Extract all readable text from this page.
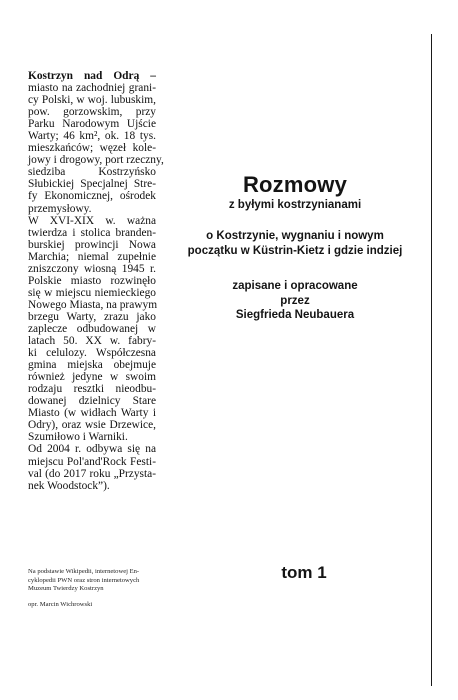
Kostrzyn nad Odrą –
miasto na zachodniej grani-
cy Polski, w woj. lubuskim,
pow. gorzowskim, przy
Parku Narodowym Ujście
Warty; 46 km², ok. 18 tys.
mieszkańców; węzeł kole-
jowy i drogowy, port rzeczny,
siedziba Kostrzyńsko
Słubickiej Specjalnej Stre-
fy Ekonomicznej, ośrodek
przemysłowy.
W XVI-XIX w. ważna
twierdza i stolica branden-
burskiej prowincji Nowa
Marchia; niemal zupełnie
zniszczony wiosną 1945 r.
Polskie miasto rozwinęło
się w miejscu niemieckiego
Nowego Miasta, na prawym
brzegu Warty, zrazu jako
zaplecze odbudowanej w
latach 50. XX w. fabry-
ki celulozy. Współczesna
gmina miejska obejmuje
również jedyne w swoim
rodzaju resztki nieodbu-
dowanej dzielnicy Stare
Miasto (w widłach Warty i
Odry), oraz wsie Drzewice,
Szumiłowo i Warniki.
Od 2004 r. odbywa się na
miejscu Pol'and'Rock Festi-
val (do 2017 roku „Przysta-
nek Woodstock”).
Na podstawie Wikipedii, internetowej En-
cyklopedii PWN oraz stron internetowych
Muzeum Twierdzy Kostrzyn
opr. Marcin Wichrowski
Rozmowy
z byłymi kostrzynianami
o Kostrzynie, wygnaniu i nowym
początku w Küstrin-Kietz i gdzie indziej
zapisane i opracowane
przez
Siegfrieda Neubauera
tom 1
